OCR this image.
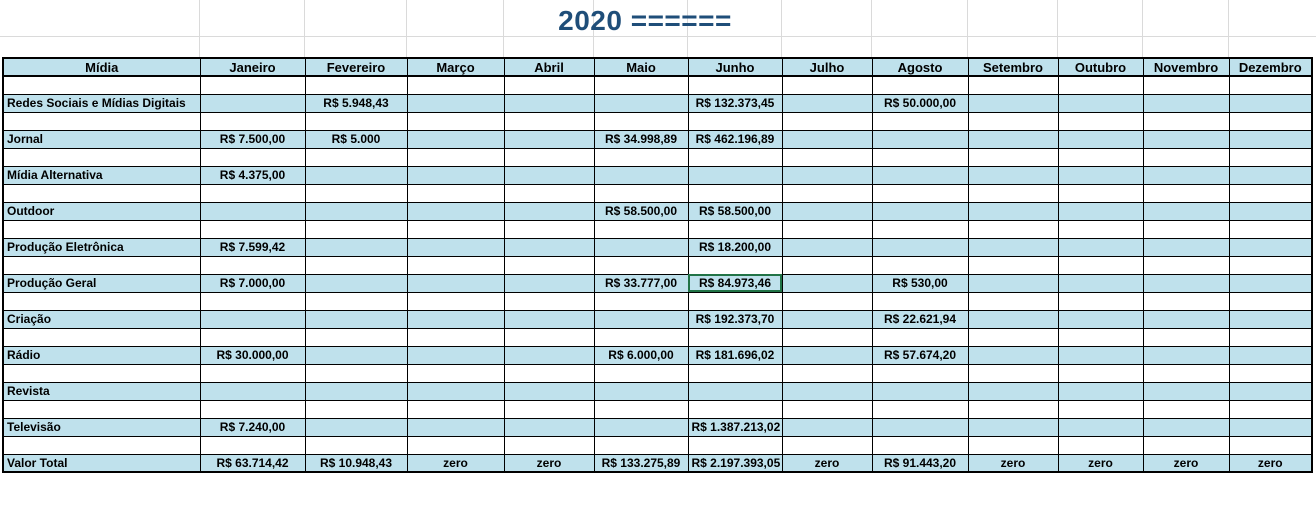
2020 ======
Mídia	Janeiro	Fevereiro	Março	Abril	Maio	Junho	Julho	Agosto	Setembro	Outubro	Novembro	Dezembro

Redes Sociais e Mídias Digitais		R$ 5.948,43				R$ 132.373,45		R$ 50.000,00				

Jornal	R$ 7.500,00	R$ 5.000			R$ 34.998,89	R$ 462.196,89						

Mídia Alternativa	R$ 4.375,00											

Outdoor					R$ 58.500,00	R$ 58.500,00						

Produção Eletrônica	R$ 7.599,42					R$ 18.200,00						

Produção Geral	R$ 7.000,00				R$ 33.777,00	R$ 84.973,46		R$ 530,00				

Criação						R$ 192.373,70		R$ 22.621,94				

Rádio	R$ 30.000,00				R$ 6.000,00	R$ 181.696,02		R$ 57.674,20				

Revista												

Televisão	R$ 7.240,00					R$ 1.387.213,02						

Valor Total	R$ 63.714,42	R$ 10.948,43	zero	zero	R$ 133.275,89	R$ 2.197.393,05	zero	R$ 91.443,20	zero	zero	zero	zero
